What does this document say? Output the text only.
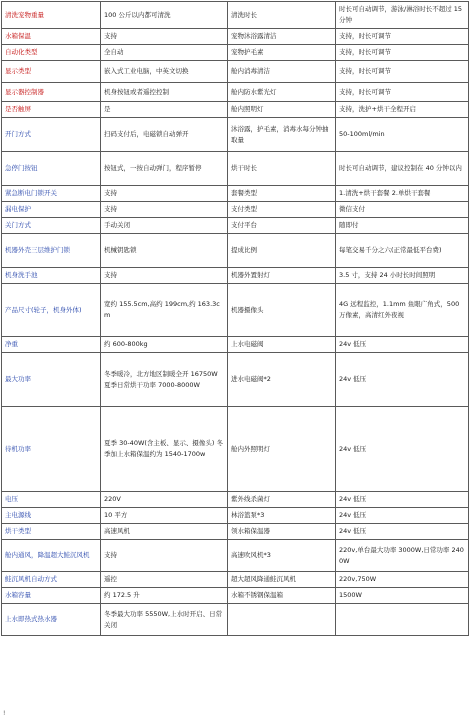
清洗宠物重量	100 公斤以内都可清洗	清洗时长	时长可自动调节，游泳/淋浴时长不超过 15 分钟
水箱保温	支持	宠物沐浴露清洁	支持，时长可调节
自动化类型	全自动	宠物护毛素	支持，时长可调节
显示类型	嵌入式工业电脑，中英文切换	舱内消毒清洁	支持，时长可调节
显示器控制器	机身按钮或者遥控控制	舱内防水紫光灯	支持，时长可调节
是否触屏	是	舱内照明灯	支持，洗护+烘干全程开启
开门方式	扫码支付后，电磁锁自动弹开	沐浴露，护毛素，消毒水每分钟抽取量	50-100ml/min
急停门按钮	按钮式，一按自动弹门，程序暂停	烘干时长	时长可自动调节，建议控制在 40 分钟以内
紧急断电门锁开关	支持	套餐类型	1.清洗+烘干套餐 2.单烘干套餐
漏电保护	支持	支付类型	微信支付
关门方式	手动关闭	支付平台	随即付
机器外壳三层维护门锁	机械钥匙锁	提成比例	每笔交易千分之六(正常最低平台费)
机身洗手池	支持	机器外置射灯	3.5 寸，支持 24 小时长时间照明
产品尺寸(轮子，机身外体)	宽约 155.5cm,高约 199cm,约 163.3cm	机器摄像头	4G 远程监控，1.1mm 鱼眼广角式，500 万像素，高清红外夜视
净重	约 600-800kg	上水电磁阀	24v 低压
最大功率	冬季暖冷，北方地区制暖全开 16750W 夏季日常烘干功率 7000-8000W	进水电磁阀*2	24v 低压
待机功率	夏季 30-40W(含主板、显示、摄像头) 冬季加上水箱保温约为 1540-1700w	舱内外照明灯	24v 低压
电压	220V	紫外线杀菌灯	24v 低压
主电源线	10 平方	林浴篮泵*3	24v 低压
烘干类型	高速风机	领水箱保温器	24v 低压
舱内通风，降温超大鲑沉风机	支持	高速吹风机*3	220v,单台最大功率 3000W,日常功率 2400W
鲑沉风机自动方式	遥控	超大超风降通鲑沉风机	220v,750W
水箱容量	约 172.5 升	水箱不锈钢保温箱	1500W
上水即热式热水器	冬季最大功率 5550W,上水时开启、日常关闭		
!
